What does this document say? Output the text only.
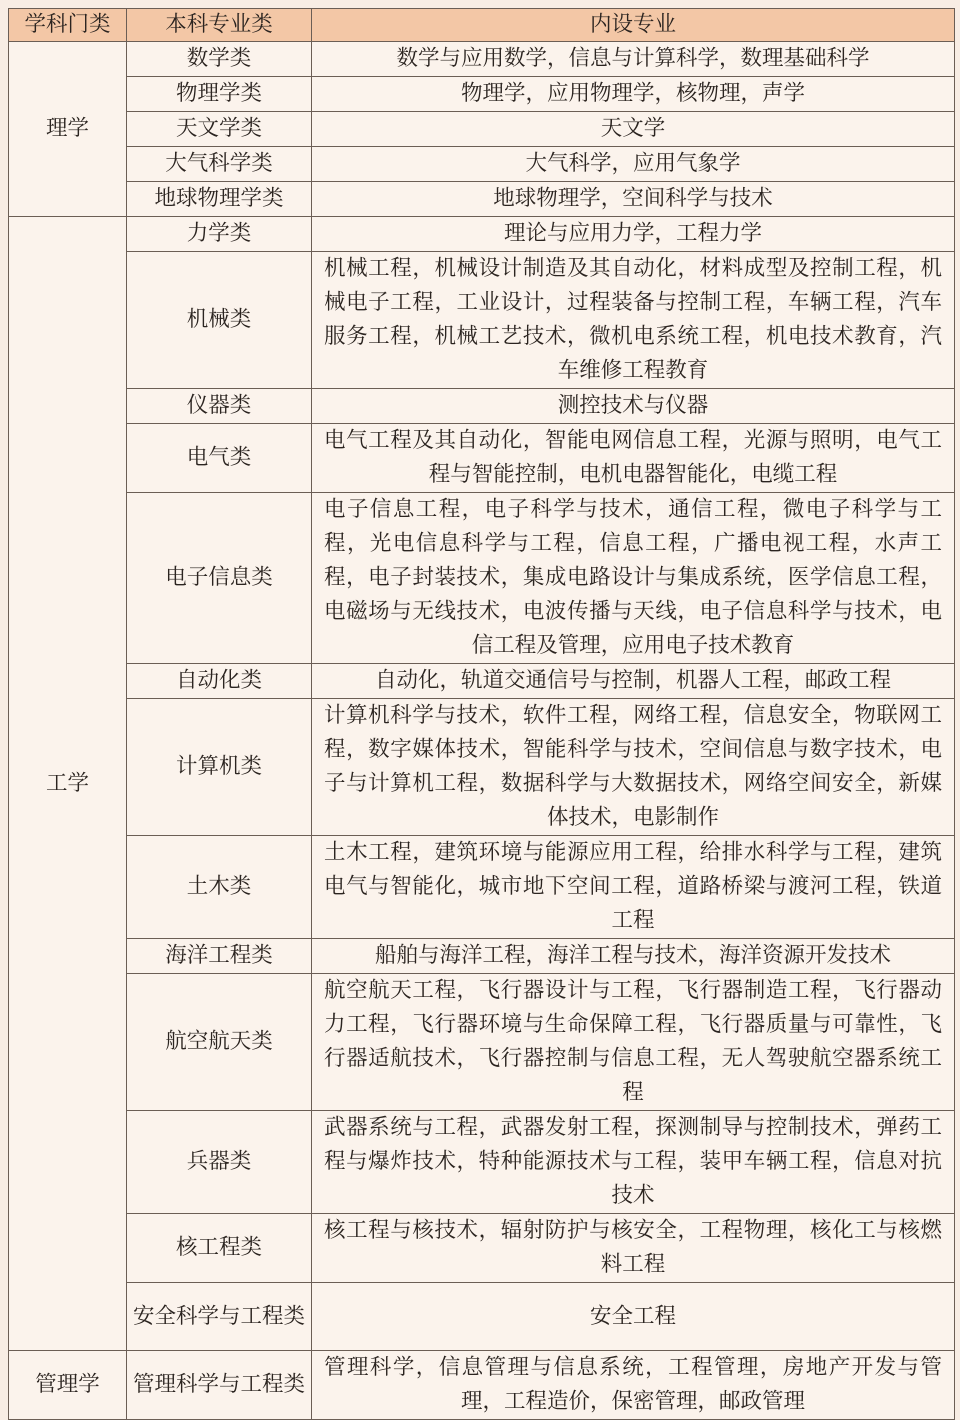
学科门类	本科专业类	内设专业
理学	数学类	数学与应用数学，信息与计算科学，数理基础科学
	物理学类	物理学，应用物理学，核物理，声学
	天文学类	天文学
	大气科学类	大气科学，应用气象学
	地球物理学类	地球物理学，空间科学与技术
工学	力学类	理论与应用力学，工程力学
	机械类	机械工程，机械设计制造及其自动化，材料成型及控制工程，机械电子工程，工业设计，过程装备与控制工程，车辆工程，汽车服务工程，机械工艺技术，微机电系统工程，机电技术教育，汽车维修工程教育
	仪器类	测控技术与仪器
	电气类	电气工程及其自动化，智能电网信息工程，光源与照明，电气工程与智能控制，电机电器智能化，电缆工程
	电子信息类	电子信息工程，电子科学与技术，通信工程，微电子科学与工程，光电信息科学与工程，信息工程，广播电视工程，水声工程，电子封装技术，集成电路设计与集成系统，医学信息工程，电磁场与无线技术，电波传播与天线，电子信息科学与技术，电信工程及管理，应用电子技术教育
	自动化类	自动化，轨道交通信号与控制，机器人工程，邮政工程
	计算机类	计算机科学与技术，软件工程，网络工程，信息安全，物联网工程，数字媒体技术，智能科学与技术，空间信息与数字技术，电子与计算机工程，数据科学与大数据技术，网络空间安全，新媒体技术，电影制作
	土木类	土木工程，建筑环境与能源应用工程，给排水科学与工程，建筑电气与智能化，城市地下空间工程，道路桥梁与渡河工程，铁道工程
	海洋工程类	船舶与海洋工程，海洋工程与技术，海洋资源开发技术
	航空航天类	航空航天工程，飞行器设计与工程，飞行器制造工程，飞行器动力工程，飞行器环境与生命保障工程，飞行器质量与可靠性，飞行器适航技术，飞行器控制与信息工程，无人驾驶航空器系统工程
	兵器类	武器系统与工程，武器发射工程，探测制导与控制技术，弹药工程与爆炸技术，特种能源技术与工程，装甲车辆工程，信息对抗技术
	核工程类	核工程与核技术，辐射防护与核安全，工程物理，核化工与核燃料工程
	安全科学与工程类	安全工程
管理学	管理科学与工程类	管理科学，信息管理与信息系统，工程管理，房地产开发与管理，工程造价，保密管理，邮政管理
